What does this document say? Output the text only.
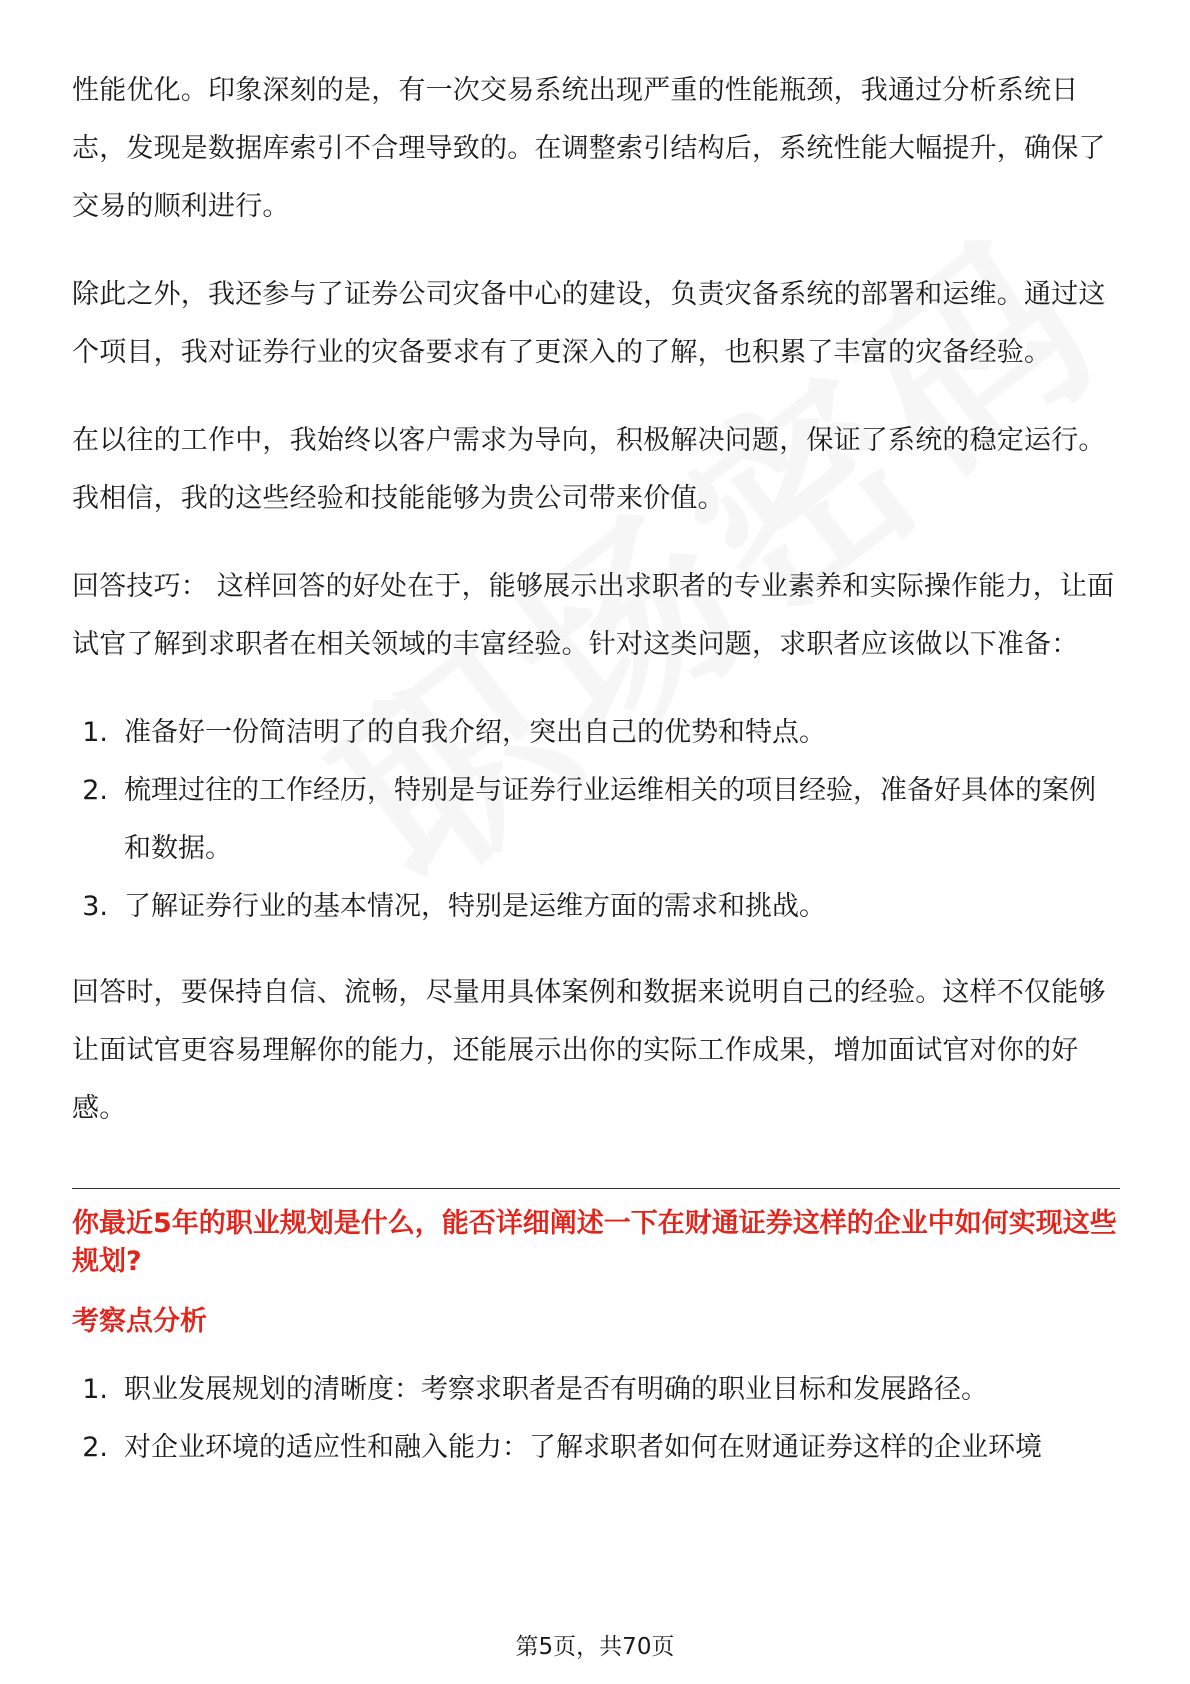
性能优化。印象深刻的是，有一次交易系统出现严重的性能瓶颈，我通过分析系统日志，发现是数据库索引不合理导致的。在调整索引结构后，系统性能大幅提升，确保了交易的顺利进行。

除此之外，我还参与了证券公司灾备中心的建设，负责灾备系统的部署和运维。通过这个项目，我对证券行业的灾备要求有了更深入的了解，也积累了丰富的灾备经验。

在以往的工作中，我始终以客户需求为导向，积极解决问题，保证了系统的稳定运行。我相信，我的这些经验和技能能够为贵公司带来价值。

回答技巧： 这样回答的好处在于，能够展示出求职者的专业素养和实际操作能力，让面试官了解到求职者在相关领域的丰富经验。针对这类问题，求职者应该做以下准备：

1. 准备好一份简洁明了的自我介绍，突出自己的优势和特点。
2. 梳理过往的工作经历，特别是与证券行业运维相关的项目经验，准备好具体的案例和数据。
3. 了解证券行业的基本情况，特别是运维方面的需求和挑战。

回答时，要保持自信、流畅，尽量用具体案例和数据来说明自己的经验。这样不仅能够让面试官更容易理解你的能力，还能展示出你的实际工作成果，增加面试官对你的好感。

你最近5年的职业规划是什么，能否详细阐述一下在财通证券这样的企业中如何实现这些规划?
考察点分析
1. 职业发展规划的清晰度：考察求职者是否有明确的职业目标和发展路径。
2. 对企业环境的适应性和融入能力：了解求职者如何在财通证券这样的企业环境
第5页，共70页
